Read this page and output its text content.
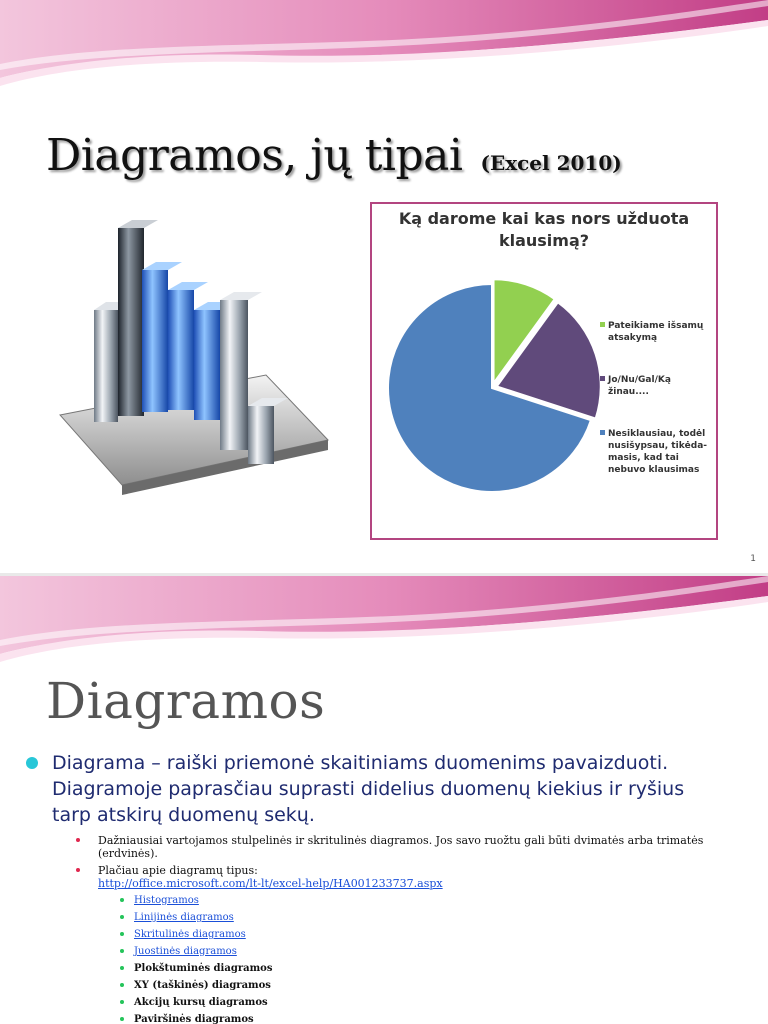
Diagramos, jų tipai (Excel 2010)
Ką darome kai kas nors užduota
klausimą?
Pateikiame išsamų
atsakymą
Jo/Nu/Gal/Ką
žinau....
Nesiklausiau, todėl
nusišypsau, tikėda-
masis, kad tai
nebuvo klausimas
1
Diagramos
Diagrama – raiški priemonė skaitiniams duomenims pavaizduoti. Diagramoje paprasčiau suprasti didelius duomenų kiekius ir ryšius tarp atskirų duomenų sekų.
Dažniausiai vartojamos stulpelinės ir skritulinės diagramos. Jos savo ruožtu gali būti dvimatės arba trimatės (erdvinės).
Plačiau apie diagramų tipus:
http://office.microsoft.com/lt-lt/excel-help/HA001233737.aspx
Histogramos
Linijinės diagramos
Skritulinės diagramos
Juostinės diagramos
Plokštuminės diagramos
XY (taškinės) diagramos
Akcijų kursų diagramos
Paviršinės diagramos
